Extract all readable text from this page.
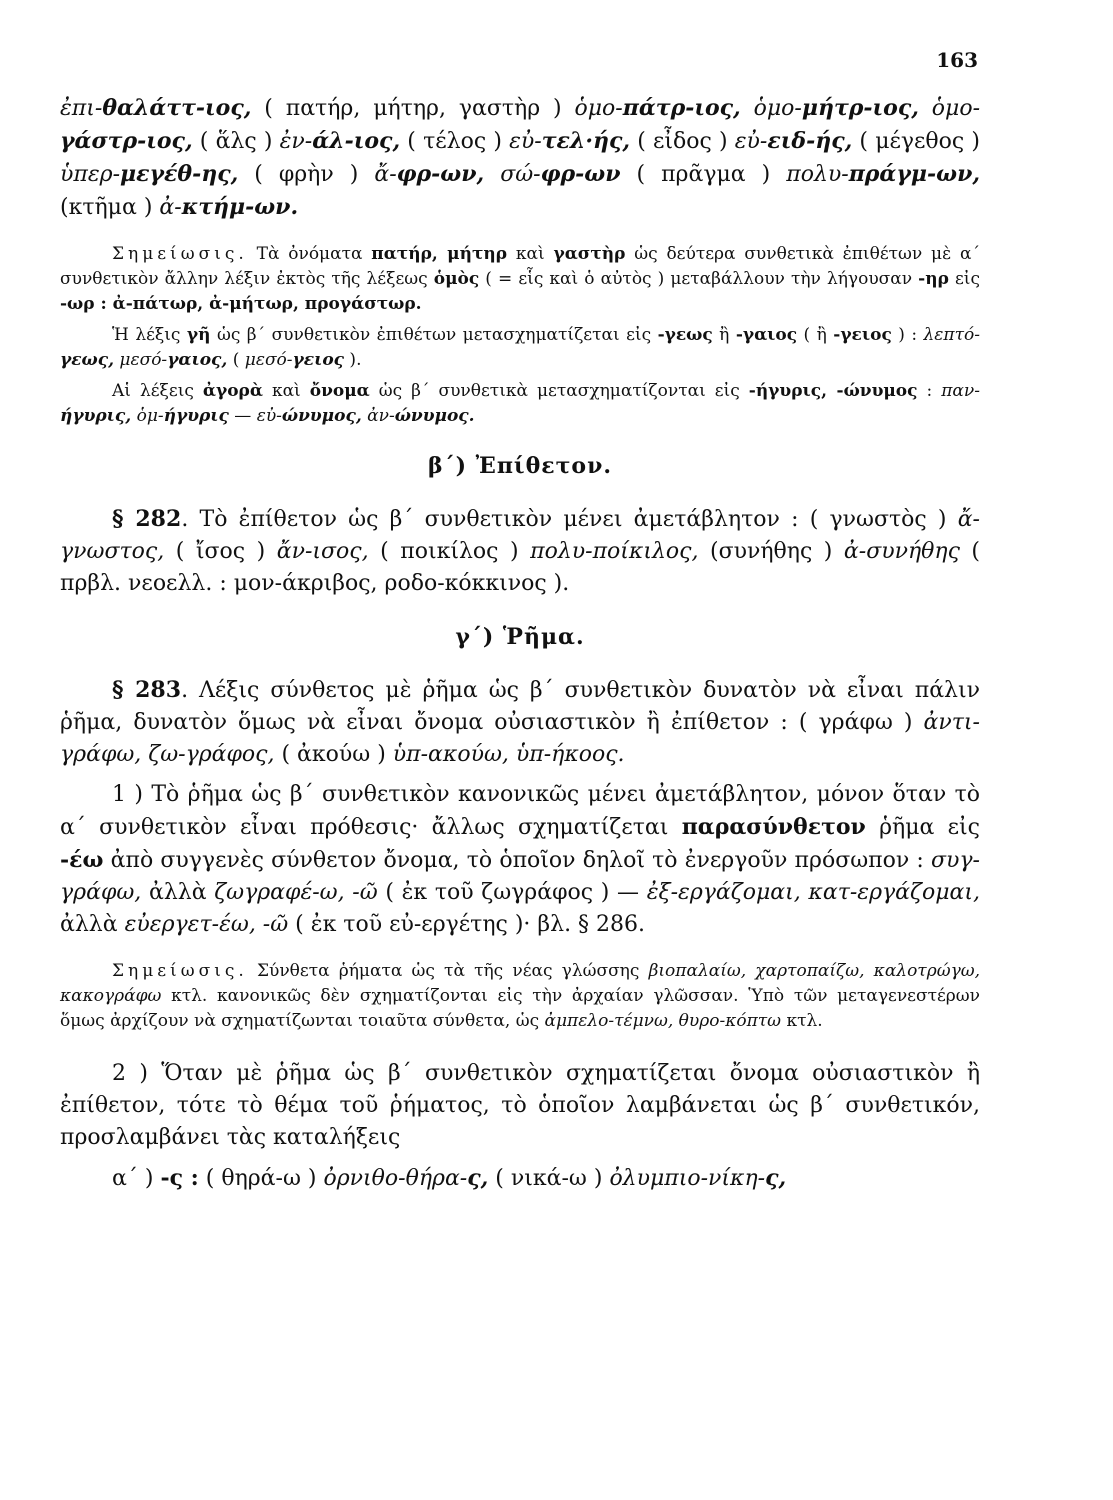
163

ἐπι-θαλάττ-ιος, ( πατήρ, μήτηρ, γαστὴρ ) ὁμο-πάτρ-ιος, ὁμο-μήτρ-ιος, ὁμο-γάστρ-ιος, ( ἅλς ) ἐν-άλ-ιος, ( τέλος ) εὐ-τελ·ής, ( εἶδος ) εὐ-ειδ-ής, ( μέγεθος ) ὑπερ-μεγέθ-ης, ( φρὴν ) ἄ-φρ-ων, σώ-φρ-ων ( πρᾶγμα ) πολυ-πράγμ-ων, (κτῆμα ) ἀ-κτήμ-ων.

Σημείωσις. Τὰ ὀνόματα πατήρ, μήτηρ καὶ γαστὴρ ὡς δεύτερα συνθετικὰ ἐπιθέτων μὲ α΄ συνθετικὸν ἄλλην λέξιν ἐκτὸς τῆς λέξεως ὁμὸς ( = εἷς καὶ ὁ αὐτὸς ) μεταβάλλουν τὴν λήγουσαν -ηρ εἰς -ωρ : ἀ-πάτωρ, ἀ-μήτωρ, προγάστωρ.

Ἡ λέξις γῆ ὡς β΄ συνθετικὸν ἐπιθέτων μετασχηματίζεται εἰς -γεως ἢ -γαιος ( ἢ -γειος ) : λεπτό-γεως, μεσό-γαιος, ( μεσό-γειος ).

Αἱ λέξεις ἀγορὰ καὶ ὄνομα ὡς β΄ συνθετικὰ μετασχηματίζονται εἰς -ήγυρις, -ώνυμος : παν-ήγυρις, ὁμ-ήγυρις — εὐ-ώνυμος, ἀν-ώνυμος.

β΄) Ἐπίθετον.

§ 282. Τὸ ἐπίθετον ὡς β΄ συνθετικὸν μένει ἀμετάβλητον : ( γνωστὸς ) ἄ-γνωστος, ( ἴσος ) ἄν-ισος, ( ποικίλος ) πολυ-ποίκιλος, (συνήθης ) ἀ-συνήθης ( πρβλ. νεοελλ. : μον-άκριβος, ροδο-κόκκινος ).

γ΄) Ῥῆμα.

§ 283. Λέξις σύνθετος μὲ ῥῆμα ὡς β΄ συνθετικὸν δυνατὸν νὰ εἶναι πάλιν ῥῆμα, δυνατὸν ὅμως νὰ εἶναι ὄνομα οὐσιαστικὸν ἢ ἐπίθετον : ( γράφω ) ἀντι-γράφω, ζω-γράφος, ( ἀκούω ) ὑπ-ακούω, ὑπ-ήκοος.

1 ) Τὸ ῥῆμα ὡς β΄ συνθετικὸν κανονικῶς μένει ἀμετάβλητον, μόνον ὅταν τὸ α΄ συνθετικὸν εἶναι πρόθεσις· ἄλλως σχηματίζεται παρασύνθετον ῥῆμα εἰς -έω ἀπὸ συγγενὲς σύνθετον ὄνομα, τὸ ὁποῖον δηλοῖ τὸ ἐνεργοῦν πρόσωπον : συγ-γράφω, ἀλλὰ ζωγραφέ-ω, -ῶ ( ἐκ τοῦ ζωγράφος ) — ἐξ-εργάζομαι, κατ-εργάζομαι, ἀλλὰ εὐεργετ-έω, -ῶ ( ἐκ τοῦ εὐ-εργέτης )· βλ. § 286.

Σημείωσις. Σύνθετα ῥήματα ὡς τὰ τῆς νέας γλώσσης βιοπαλαίω, χαρτοπαίζω, καλοτρώγω, κακογράφω κτλ. κανονικῶς δὲν σχηματίζονται εἰς τὴν ἀρχαίαν γλῶσσαν. Ὑπὸ τῶν μεταγενεστέρων ὅμως ἀρχίζουν νὰ σχηματίζωνται τοιαῦτα σύνθετα, ὡς ἀμπελο-τέμνω, θυρο-κόπτω κτλ.

2 ) Ὅταν μὲ ῥῆμα ὡς β΄ συνθετικὸν σχηματίζεται ὄνομα οὐσιαστικὸν ἢ ἐπίθετον, τότε τὸ θέμα τοῦ ῥήματος, τὸ ὁποῖον λαμβάνεται ὡς β΄ συνθετικόν, προσλαμβάνει τὰς καταλήξεις

α΄ ) -ς : ( θηρά-ω ) ὀρνιθο-θήρα-ς, ( νικά-ω ) ὀλυμπιο-νίκη-ς,
